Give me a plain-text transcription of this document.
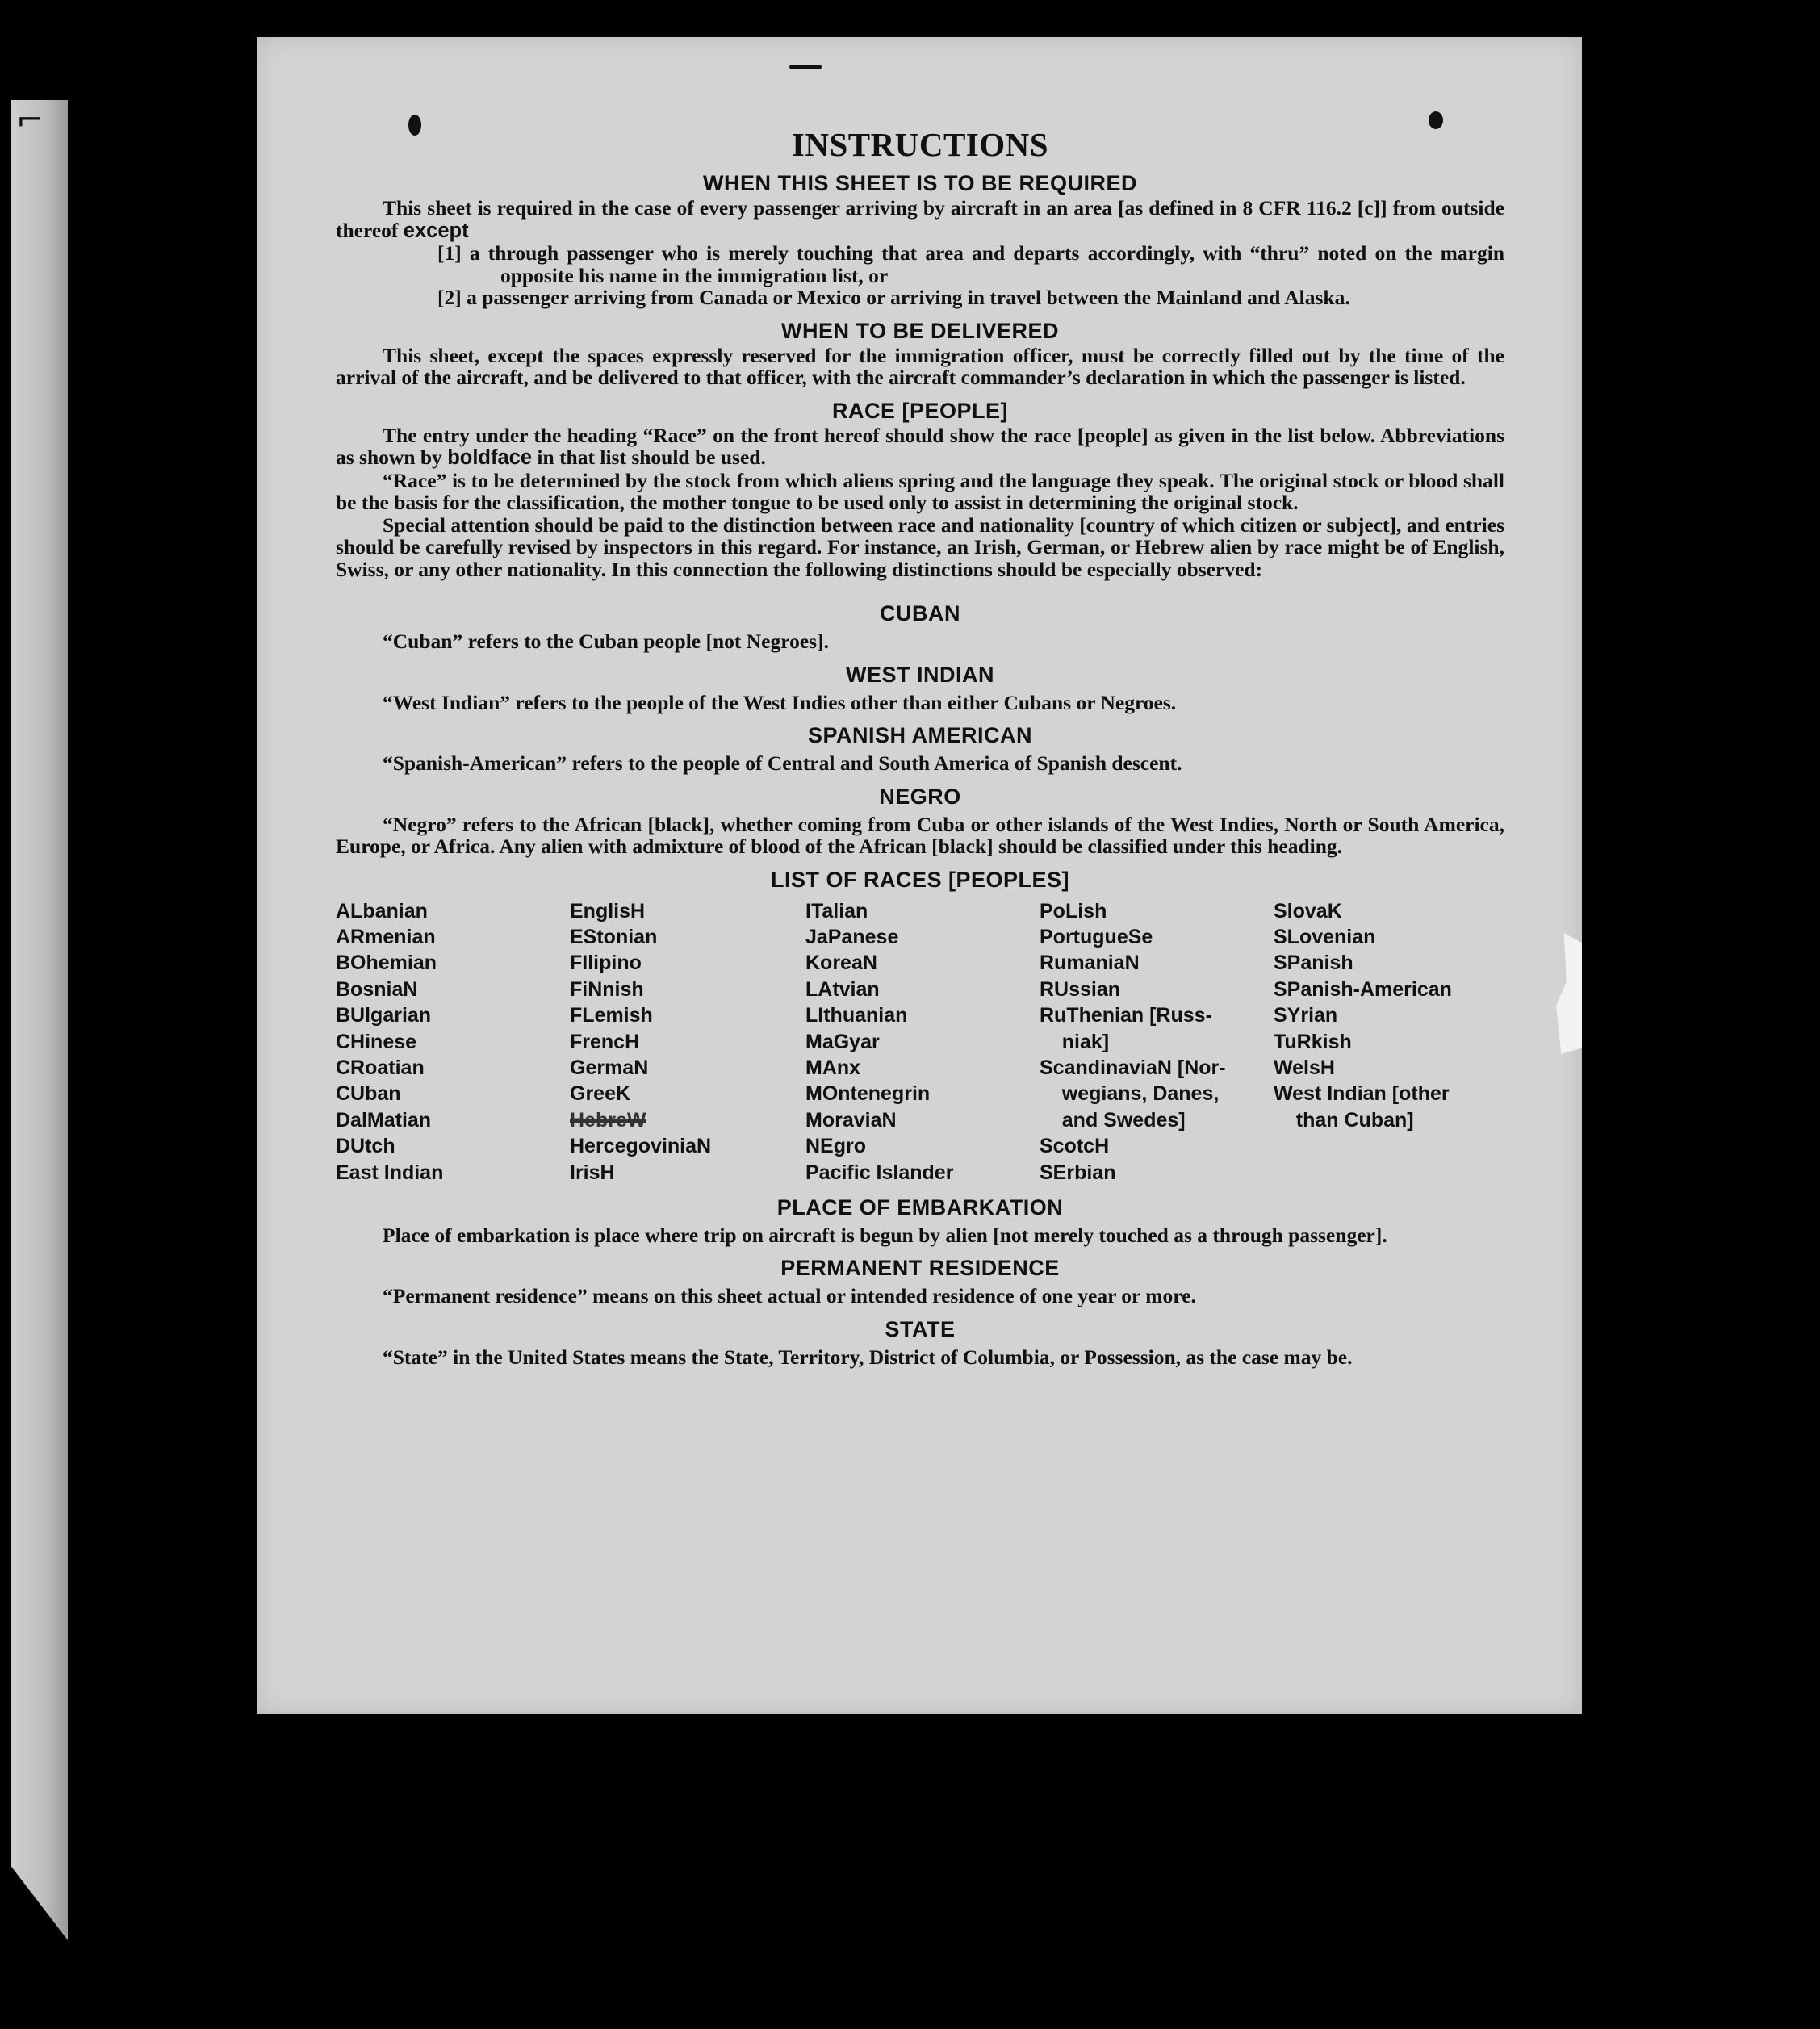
⌐
INSTRUCTIONS
WHEN THIS SHEET IS TO BE REQUIRED

This sheet is required in the case of every passenger arriving by aircraft in an area [as defined in 8 CFR 116.2 [c]] from outside thereof except

[1] a through passenger who is merely touching that area and departs accordingly, with “thru” noted on the margin opposite his name in the immigration list, or

[2] a passenger arriving from Canada or Mexico or arriving in travel between the Mainland and Alaska.

WHEN TO BE DELIVERED

This sheet, except the spaces expressly reserved for the immigration officer, must be correctly filled out by the time of the arrival of the aircraft, and be delivered to that officer, with the aircraft commander’s declaration in which the passenger is listed.

RACE [PEOPLE]

The entry under the heading “Race” on the front hereof should show the race [people] as given in the list below. Abbreviations as shown by boldface in that list should be used.

“Race” is to be determined by the stock from which aliens spring and the language they speak. The original stock or blood shall be the basis for the classification, the mother tongue to be used only to assist in determining the original stock.

Special attention should be paid to the distinction between race and nationality [country of which citizen or subject], and entries should be carefully revised by inspectors in this regard. For instance, an Irish, German, or Hebrew alien by race might be of English, Swiss, or any other nationality. In this connection the following distinctions should be especially observed:

CUBAN

“Cuban” refers to the Cuban people [not Negroes].

WEST INDIAN

“West Indian” refers to the people of the West Indies other than either Cubans or Negroes.

SPANISH AMERICAN

“Spanish-American” refers to the people of Central and South America of Spanish descent.

NEGRO

“Negro” refers to the African [black], whether coming from Cuba or other islands of the West Indies, North or South America, Europe, or Africa. Any alien with admixture of blood of the African [black] should be classified under this heading.

LIST OF RACES [PEOPLES]
ALbanian
ARmenian
BOhemian
BosniaN
BUlgarian
CHinese
CRoatian
CUban
DalMatian
DUtch
East Indian
EnglisH
EStonian
FIlipino
FiNnish
FLemish
FrencH
GermaN
GreeK
HebreW
HercegoviniaN
IrisH
ITalian
JaPanese
KoreaN
LAtvian
LIthuanian
MaGyar
MAnx
MOntenegrin
MoraviaN
NEgro
Pacific Islander
PoLish
PortugueSe
RumaniaN
RUssian
RuThenian [Russ-
niak]
ScandinaviaN [Nor-
wegians, Danes,
and Swedes]
ScotcH
SErbian
SlovaK
SLovenian
SPanish
SPanish-American
SYrian
TuRkish
WelsH
West Indian [other
than Cuban]
PLACE OF EMBARKATION

Place of embarkation is place where trip on aircraft is begun by alien [not merely touched as a through passenger].

PERMANENT RESIDENCE

“Permanent residence” means on this sheet actual or intended residence of one year or more.

STATE

“State” in the United States means the State, Territory, District of Columbia, or Possession, as the case may be.
